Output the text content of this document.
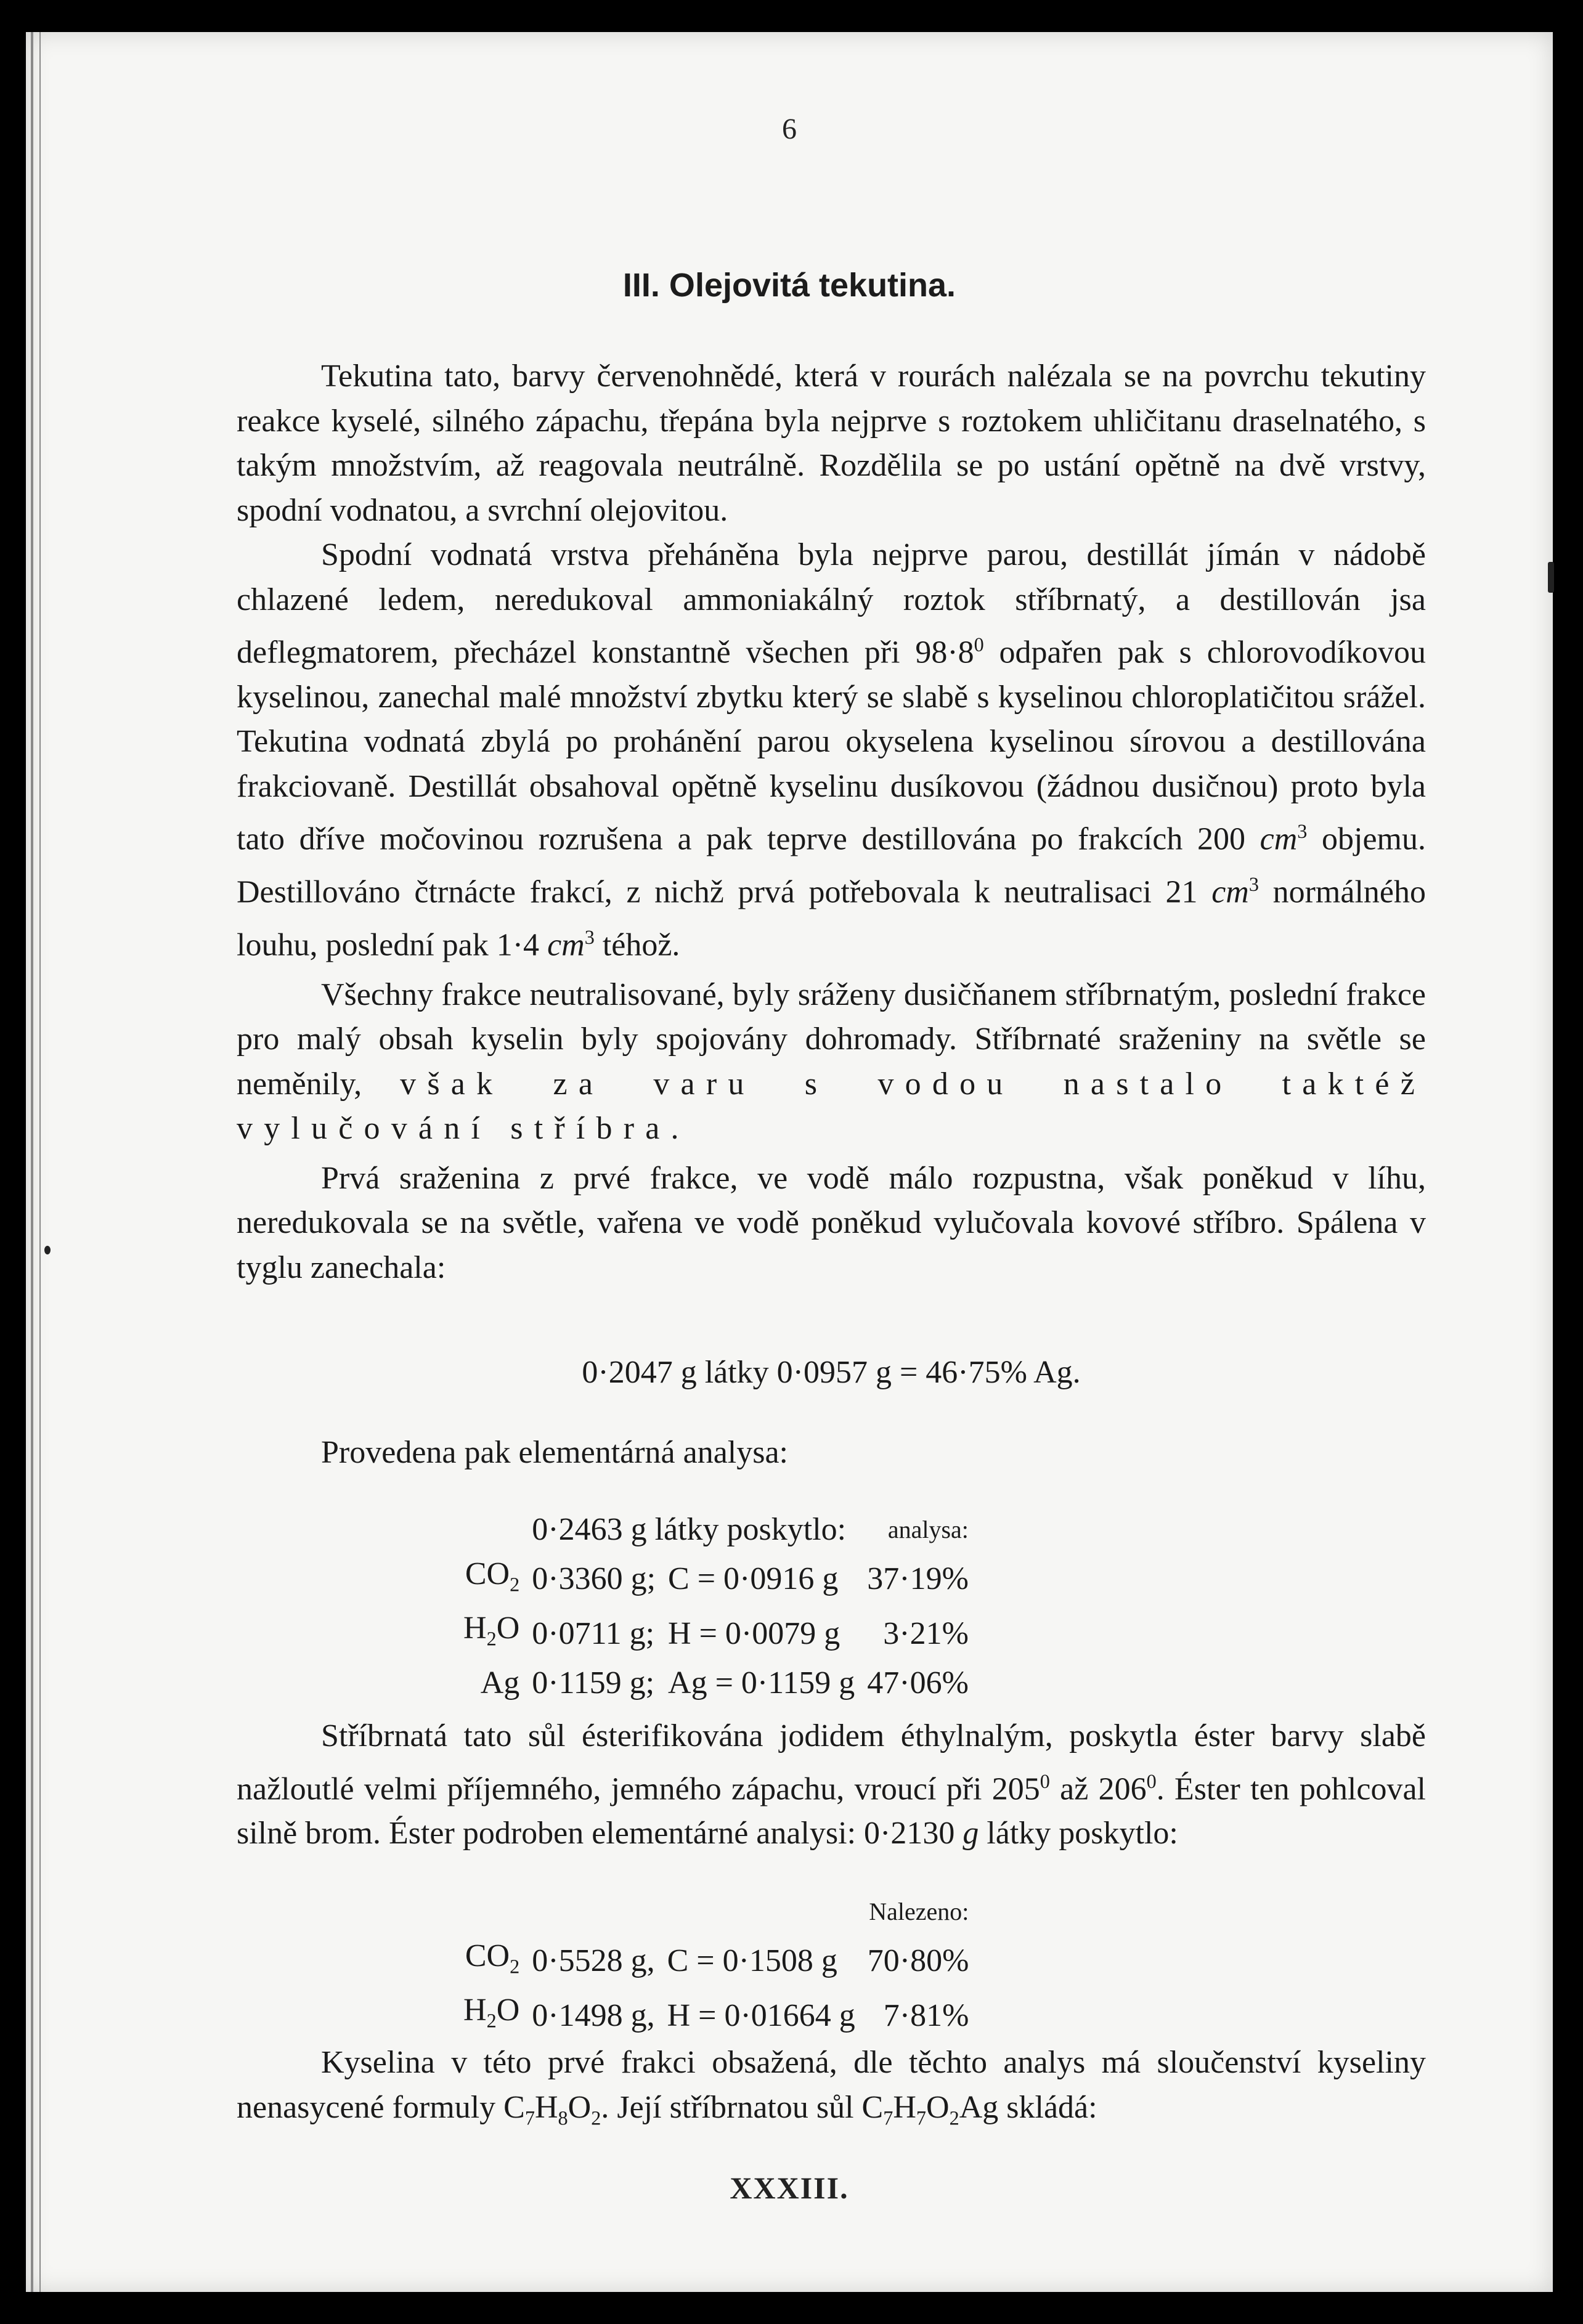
6
III. Olejovitá tekutina.

Tekutina tato, barvy červenohnědé, která v rourách nalézala se na povrchu tekutiny reakce kyselé, silného zápachu, třepána byla nejprve s roztokem uhličitanu draselnatého, s takým množstvím, až reagovala neutrálně. Rozdělila se po ustání opětně na dvě vrstvy, spodní vodnatou, a svrchní olejovitou.

Spodní vodnatá vrstva přeháněna byla nejprve parou, destillát jímán v nádobě chlazené ledem, neredukoval ammoniakálný roztok stříbrnatý, a destillován jsa deflegmatorem, přecházel konstantně všechen při $98\cdot 8^0$ odpařen pak s chlorovodíkovou kyselinou, zanechal malé množství zbytku který se slabě s kyselinou chloroplatičitou srážel. Tekutina vodnatá zbylá po prohánění parou okyselena kyselinou sírovou a destillována frakciovaně. Destillát obsahoval opětně kyselinu dusíkovou (žádnou dusičnou) proto byla tato dříve močovinou rozrušena a pak teprve destillována po frakcích 200 $cm^3$ objemu. Destillováno čtrnácte frakcí, z nichž prvá potřebovala k neutralisaci 21 $cm^3$ normálného louhu, poslední pak 1·4 $cm^3$ téhož.

Všechny frakce neutralisované, byly sráženy dusičňanem stříbrnatým, poslední frakce pro malý obsah kyselin byly spojovány dohromady. Stříbrnaté sraženiny na světle se neměnily, však za varu s vodou nastalo taktéž vylučování stříbra.

Prvá sraženina z prvé frakce, ve vodě málo rozpustna, však poněkud v líhu, neredukovala se na světle, vařena ve vodě poněkud vylučovala kovové stříbro. Spálena v tyglu zanechala:

0·2047 g látky 0·0957 g = 46·75% Ag.

Provedena pak elementárná analysa:

	0·2463 g látky poskytlo:		analysa:
$CO_2$	0·3360 g;	C = 0·0916 g	37·19%
$H_2O$	0·0711 g;	H = 0·0079 g	3·21%
Ag	0·1159 g;	Ag = 0·1159 g	47·06%

Stříbrnatá tato sůl ésterifikována jodidem éthylnalým, poskytla éster barvy slabě nažloutlé velmi příjemného, jemného zápachu, vroucí při $205^0$ až $206^0$. Éster ten pohlcoval silně brom. Éster podroben elementárné analysi: 0·2130 g látky poskytlo:

			Nalezeno:
$CO_2$	0·5528 g,	C = 0·1508 g	70·80%
$H_2O$	0·1498 g,	H = 0·01664 g	7·81%

Kyselina v této prvé frakci obsažená, dle těchto analys má sloučenství kyseliny nenasycené formuly $C_7H_8O_2$. Její stříbrnatou sůl $C_7H_7O_2Ag$ skládá:

XXXIII.
